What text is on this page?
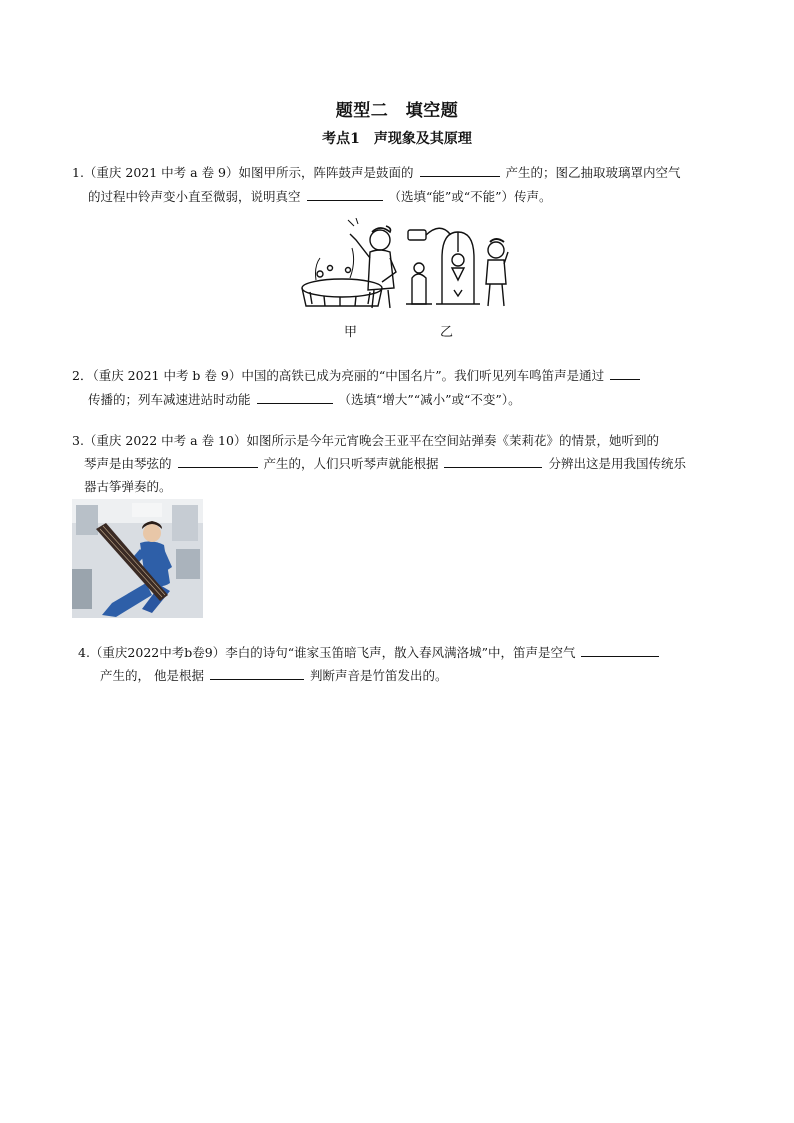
题型二　填空题
考点1　声现象及其原理
1.（重庆 2021 中考 a 卷 9）如图甲所示，阵阵鼓声是鼓面的	产生的；图乙抽取玻璃罩内空气
的过程中铃声变小直至微弱，说明真空	（选填“能”或“不能”）传声。
甲	乙
2．（重庆 2021 中考 b 卷 9）中国的高铁已成为亮丽的“中国名片”。我们听见列车鸣笛声是通过
传播的；列车减速进站时动能	（选填“增大”“减小”或“不变”）。
3.（重庆 2022 中考 a 卷 10）如图所示是今年元宵晚会王亚平在空间站弹奏《茉莉花》的情景，她听到的
琴声是由琴弦的	产生的，人们只听琴声就能根据	分辨出这是用我国传统乐
器古筝弹奏的。
4.（重庆2022中考b卷9）李白的诗句“谁家玉笛暗飞声，散入春风满洛城”中，笛声是空气
产生的， 他是根据	判断声音是竹笛发出的。
